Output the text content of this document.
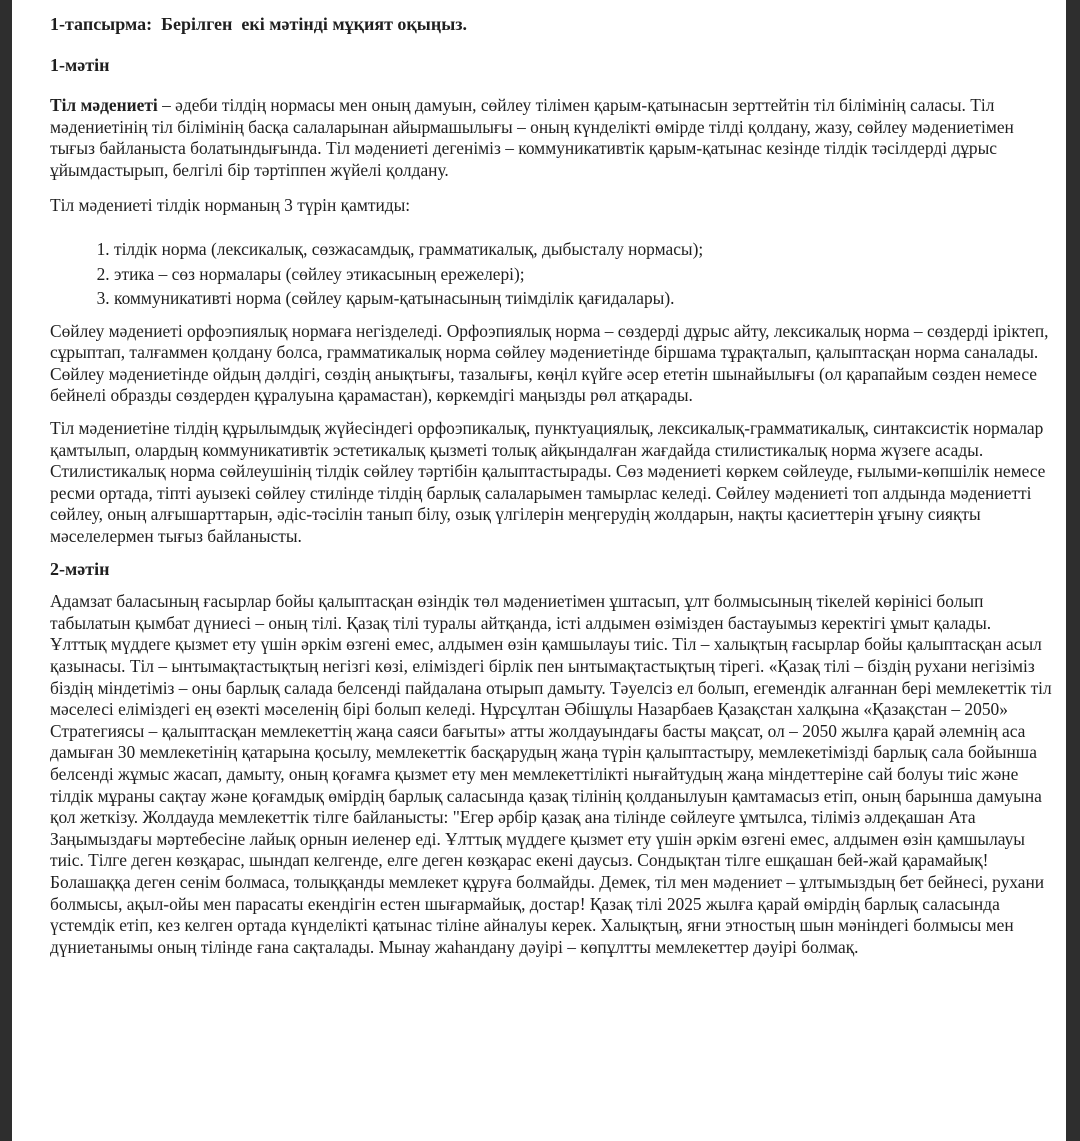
1-тапсырма:  Берілген  екі мәтінді мұқият оқыңыз.
1-мәтін

Тіл мәдениеті – әдеби тілдің нормасы мен оның дамуын, сөйлеу тілімен қарым-қатынасын зерттейтін тіл білімінің саласы. Тіл мәдениетінің тіл білімінің басқа салаларынан айырмашылығы – оның күнделікті өмірде тілді қолдану, жазу, сөйлеу мәдениетімен тығыз байланыста болатындығында. Тіл мәдениеті дегеніміз – коммуникативтік қарым-қатынас кезінде тілдік тәсілдерді дұрыс ұйымдастырып, белгілі бір тәртіппен жүйелі қолдану.

Тіл мәдениеті тілдік норманың 3 түрін қамтиды:

1. тілдік норма (лексикалық, сөзжасамдық, грамматикалық, дыбысталу нормасы);
2. этика – сөз нормалары (сөйлеу этикасының ережелері);
3. коммуникативті норма (сөйлеу қарым-қатынасының тиімділік қағидалары).

Сөйлеу мәдениеті орфоэпиялық нормаға негізделеді. Орфоэпиялық норма – сөздерді дұрыс айту, лексикалық норма – сөздерді іріктеп, сұрыптап, талғаммен қолдану болса, грамматикалық норма сөйлеу мәдениетінде біршама тұрақталып, қалыптасқан норма саналады. Сөйлеу мәдениетінде ойдың дәлдігі, сөздің анықтығы, тазалығы, көңіл күйге әсер ететін шынайылығы (ол қарапайым сөзден немесе бейнелі образды сөздерден құралуына қарамастан), көркемдігі маңызды рөл атқарады.

Тіл мәдениетіне тілдің құрылымдық жүйесіндегі орфоэпикалық, пунктуациялық, лексикалық-грамматикалық, синтаксистік нормалар қамтылып, олардың коммуникативтік эстетикалық қызметі толық айқындалған жағдайда стилистикалық норма жүзеге асады. Стилистикалық норма сөйлеушінің тілдік сөйлеу тәртібін қалыптастырады. Сөз мәдениеті көркем сөйлеуде, ғылыми-көпшілік немесе ресми ортада, тіпті ауызекі сөйлеу стилінде тілдің барлық салаларымен тамырлас келеді. Сөйлеу мәдениеті топ алдында мәдениетті сөйлеу, оның алғышарттарын, әдіс-тәсілін танып білу, озық үлгілерін меңгерудің жолдарын, нақты қасиеттерін ұғыну сияқты мәселелермен тығыз байланысты.

2-мәтін

Адамзат баласының ғасырлар бойы қалыптасқан өзіндік төл мәдениетімен ұштасып, ұлт болмысының тікелей көрінісі болып табылатын қымбат дүниесі – оның тілі. Қазақ тілі туралы айтқанда, істі алдымен өзімізден бастауымыз керектігі ұмыт қалады. Ұлттық мүддеге қызмет ету үшін әркім өзгені емес, алдымен өзін қамшылауы тиіс. Тіл – халықтың ғасырлар бойы қалыптасқан асыл қазынасы. Тіл – ынтымақтастықтың негізгі көзі, еліміздегі бірлік пен ынтымақтастықтың тірегі. «Қазақ тілі – біздің рухани негізіміз біздің міндетіміз – оны барлық салада белсенді пайдалана отырып дамыту. Тәуелсіз ел болып, егемендік алғаннан бері мемлекеттік тіл мәселесі еліміздегі ең өзекті мәселенің бірі болып келеді. Нұрсұлтан Әбішұлы Назарбаев Қазақстан халқына «Қазақстан – 2050» Стратегиясы – қалыптасқан мемлекеттің жаңа саяси бағыты» атты жолдауындағы басты мақсат, ол – 2050 жылға қарай әлемнің аса дамыған 30 мемлекетінің қатарына қосылу, мемлекеттік басқарудың жаңа түрін қалыптастыру, мемлекетімізді барлық сала бойынша белсенді жұмыс жасап, дамыту, оның қоғамға қызмет ету мен мемлекеттілікті нығайтудың жаңа міндеттеріне сай болуы тиіс және тілдік мұраны сақтау және қоғамдық өмірдің барлық саласында қазақ тілінің қолданылуын қамтамасыз етіп, оның барынша дамуына қол жеткізу. Жолдауда мемлекеттік тілге байланысты: "Егер әрбір қазақ ана тілінде сөйлеуге ұмтылса, тіліміз әлдеқашан Ата Заңымыздағы мәртебесіне лайық орнын иеленер еді. Ұлттық мүддеге қызмет ету үшін әркім өзгені емес, алдымен өзін қамшылауы тиіс. Тілге деген көзқарас, шындап келгенде, елге деген көзқарас екені даусыз. Сондықтан тілге ешқашан бей-жай қарамайық! Болашаққа деген сенім болмаса, толыққанды мемлекет құруға болмайды. Демек, тіл мен мәдениет – ұлтымыздың бет бейнесі, рухани болмысы, ақыл-ойы мен парасаты екендігін естен шығармайық, достар! Қазақ тілі 2025 жылға қарай өмірдің барлық саласында үстемдік етіп, кез келген ортада күнделікті қатынас тіліне айналуы керек. Халықтың, яғни этностың шын мәніндегі болмысы мен дүниетанымы оның тілінде ғана сақталады. Мынау жаһандану дәуірі – көпұлтты мемлекеттер дәуірі болмақ.
